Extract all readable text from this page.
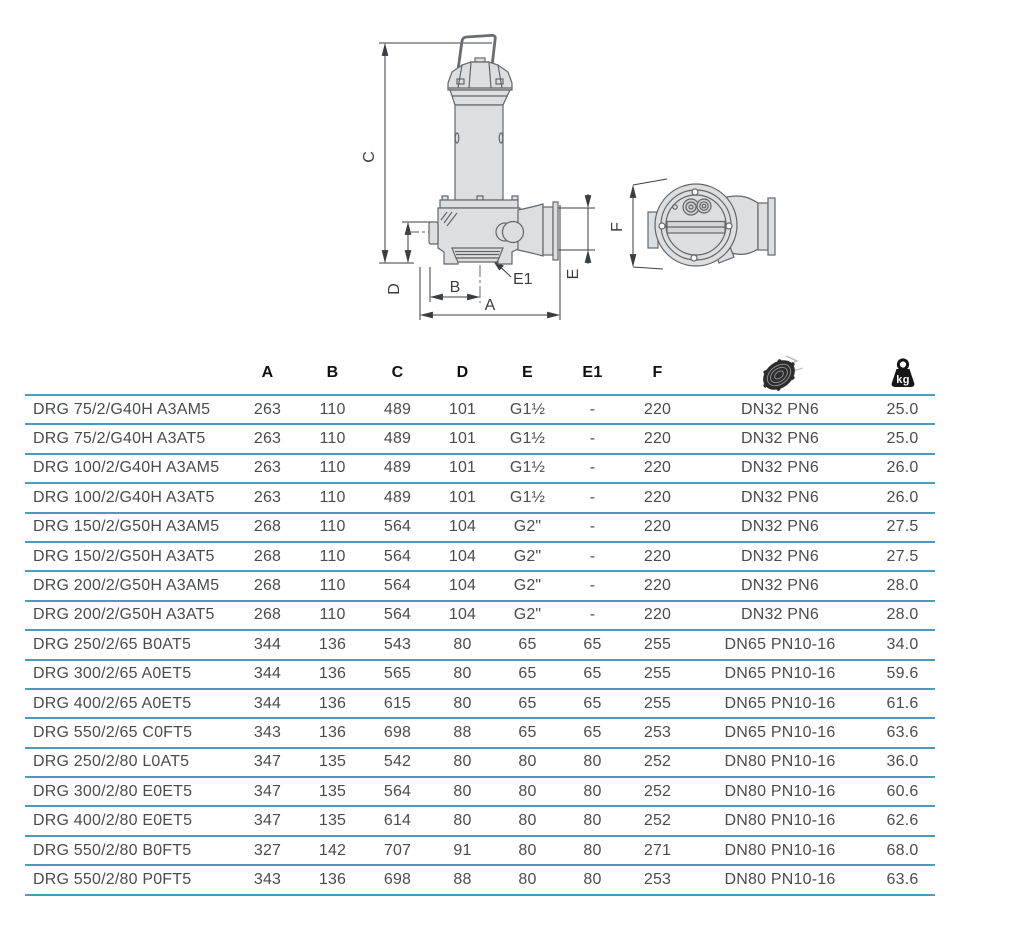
C
D	B
A
E1 E
F
	A	B	C	D	E	E1	F		kg

DRG 75/2/G40H A3AM5	263	110	489	101	G1½	-	220	DN32 PN6	25.0
DRG 75/2/G40H A3AT5	263	110	489	101	G1½	-	220	DN32 PN6	25.0
DRG 100/2/G40H A3AM5	263	110	489	101	G1½	-	220	DN32 PN6	26.0
DRG 100/2/G40H A3AT5	263	110	489	101	G1½	-	220	DN32 PN6	26.0
DRG 150/2/G50H A3AM5	268	110	564	104	G2"	-	220	DN32 PN6	27.5
DRG 150/2/G50H A3AT5	268	110	564	104	G2"	-	220	DN32 PN6	27.5
DRG 200/2/G50H A3AM5	268	110	564	104	G2"	-	220	DN32 PN6	28.0
DRG 200/2/G50H A3AT5	268	110	564	104	G2"	-	220	DN32 PN6	28.0
DRG 250/2/65 B0AT5	344	136	543	80	65	65	255	DN65 PN10-16	34.0
DRG 300/2/65 A0ET5	344	136	565	80	65	65	255	DN65 PN10-16	59.6
DRG 400/2/65 A0ET5	344	136	615	80	65	65	255	DN65 PN10-16	61.6
DRG 550/2/65 C0FT5	343	136	698	88	65	65	253	DN65 PN10-16	63.6
DRG 250/2/80 L0AT5	347	135	542	80	80	80	252	DN80 PN10-16	36.0
DRG 300/2/80 E0ET5	347	135	564	80	80	80	252	DN80 PN10-16	60.6
DRG 400/2/80 E0ET5	347	135	614	80	80	80	252	DN80 PN10-16	62.6
DRG 550/2/80 B0FT5	327	142	707	91	80	80	271	DN80 PN10-16	68.0
DRG 550/2/80 P0FT5	343	136	698	88	80	80	253	DN80 PN10-16	63.6
